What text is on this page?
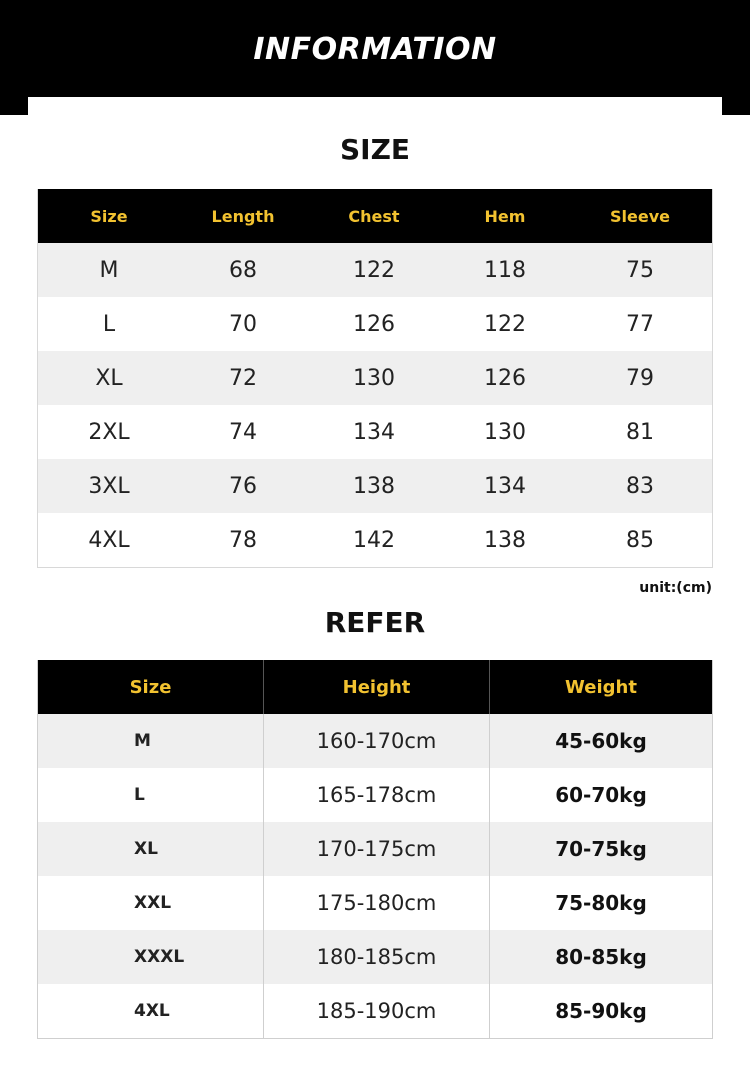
INFORMATION
SIZE
Size	Length	Chest	Hem	Sleeve
M	68	122	118	75
L	70	126	122	77
XL	72	130	126	79
2XL	74	134	130	81
3XL	76	138	134	83
4XL	78	142	138	85
unit:(cm)
REFER
Size	Height	Weight
M	160-170cm	45-60kg
L	165-178cm	60-70kg
XL	170-175cm	70-75kg
XXL	175-180cm	75-80kg
XXXL	180-185cm	80-85kg
4XL	185-190cm	85-90kg
